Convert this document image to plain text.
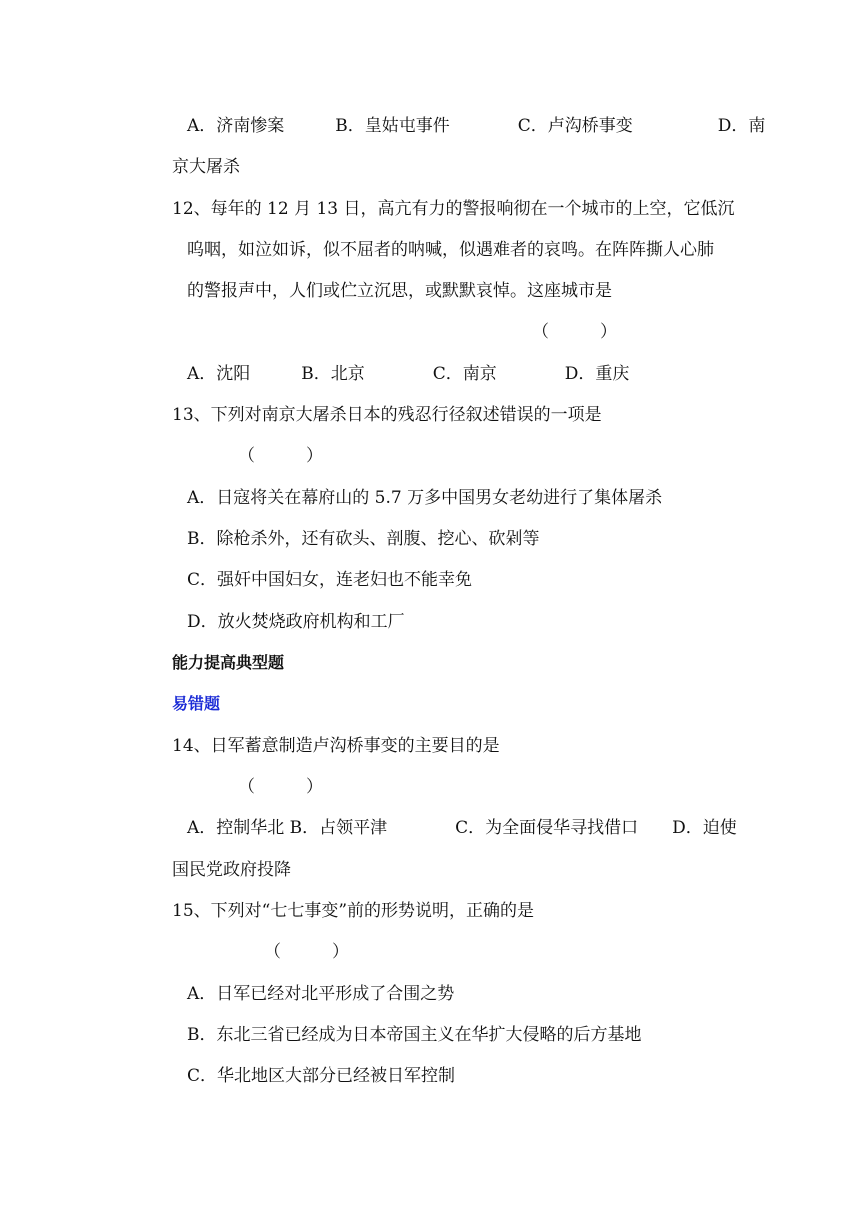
A．济南惨案　　　B．皇姑屯事件　　　　C．卢沟桥事变　　　　　D．南
京大屠杀
12、每年的 12 月 13 日，高亢有力的警报响彻在一个城市的上空，它低沉
呜咽，如泣如诉，似不屈者的呐喊，似遇难者的哀鸣。在阵阵撕人心肺
的警报声中，人们或伫立沉思，或默默哀悼。这座城市是
（　　　）
A．沈阳　　　B．北京　　　　C．南京　　　　D．重庆
13、下列对南京大屠杀日本的残忍行径叙述错误的一项是
（　　　）
A．日寇将关在幕府山的 5.7 万多中国男女老幼进行了集体屠杀
B．除枪杀外，还有砍头、剖腹、挖心、砍剁等
C．强奸中国妇女，连老妇也不能幸免
D．放火焚烧政府机构和工厂
能力提高典型题
易错题
14、日军蓄意制造卢沟桥事变的主要目的是
（　　　）
A．控制华北 B．占领平津　　　　C．为全面侵华寻找借口　　D．迫使
国民党政府投降
15、下列对“七七事变”前的形势说明，正确的是
（　　　）
A．日军已经对北平形成了合围之势
B．东北三省已经成为日本帝国主义在华扩大侵略的后方基地
C．华北地区大部分已经被日军控制
